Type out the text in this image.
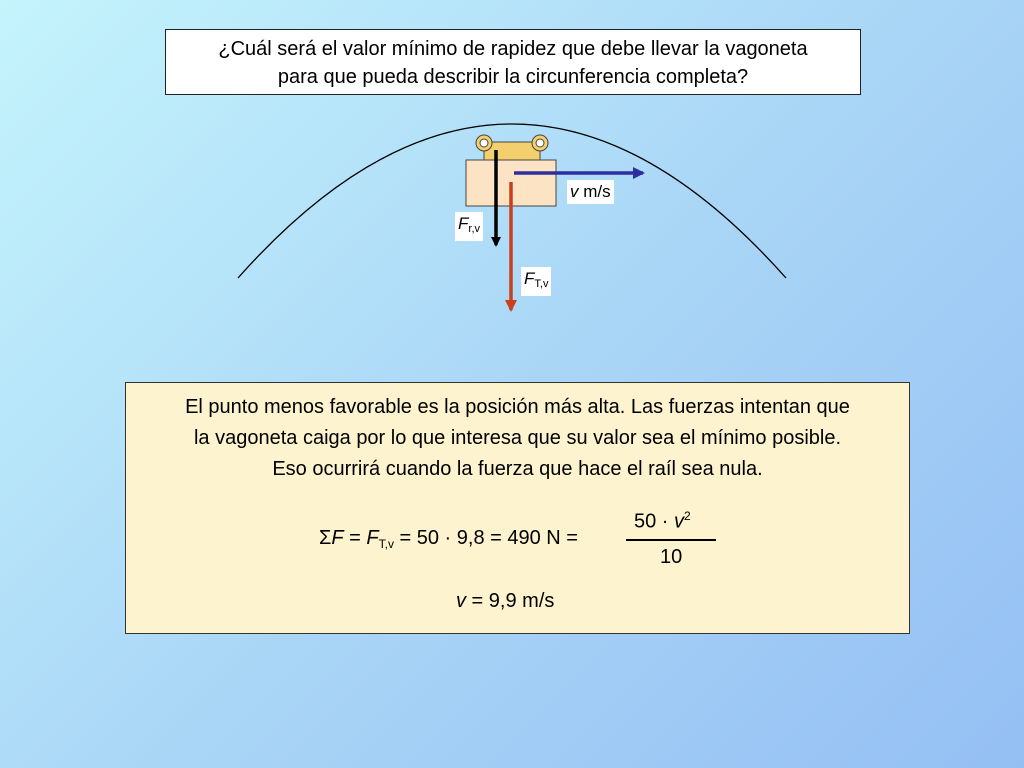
¿Cuál será el valor mínimo de rapidez que debe llevar la vagoneta
para que pueda describir la circunferencia completa?
v m/s
$F_{r,v}$
$F_{T,v}$
El punto menos favorable es la posición más alta. Las fuerzas intentan que
la vagoneta caiga por lo que interesa que su valor sea el mínimo posible.
Eso ocurrirá cuando la fuerza que hace el raíl sea nula.
$\Sigma F = F_{T,v} = 50 \cdot 9,8 = 490$ N =
$50 \cdot v^2$
10
v = 9,9 m/s
